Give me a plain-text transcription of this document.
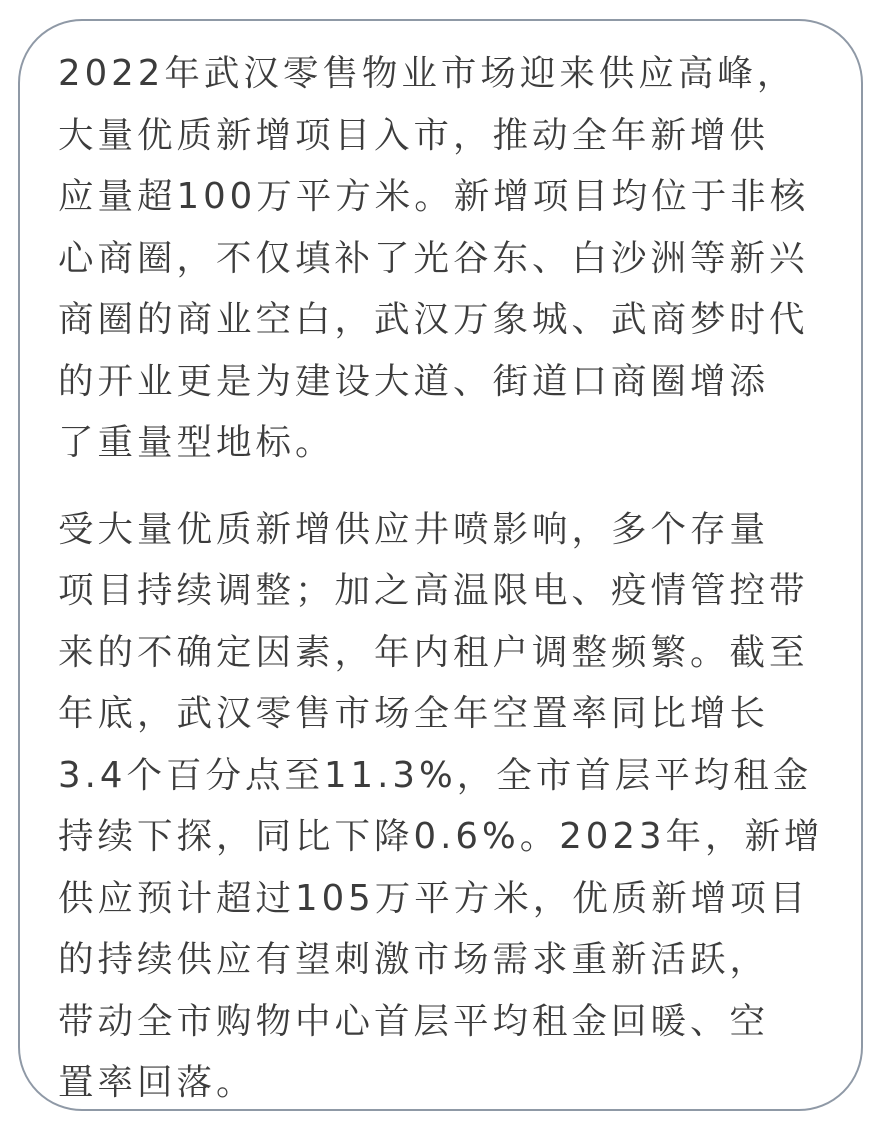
2022年武汉零售物业市场迎来供应高峰，

大量优质新增项目入市，推动全年新增供

应量超100万平方米。新增项目均位于非核

心商圈，不仅填补了光谷东、白沙洲等新兴

商圈的商业空白，武汉万象城、武商梦时代

的开业更是为建设大道、街道口商圈增添

了重量型地标。

受大量优质新增供应井喷影响，多个存量

项目持续调整；加之高温限电、疫情管控带

来的不确定因素，年内租户调整频繁。截至

年底，武汉零售市场全年空置率同比增长

3.4个百分点至11.3%，全市首层平均租金

持续下探，同比下降0.6%。2023年，新增

供应预计超过105万平方米，优质新增项目

的持续供应有望刺激市场需求重新活跃，

带动全市购物中心首层平均租金回暖、空

置率回落。
